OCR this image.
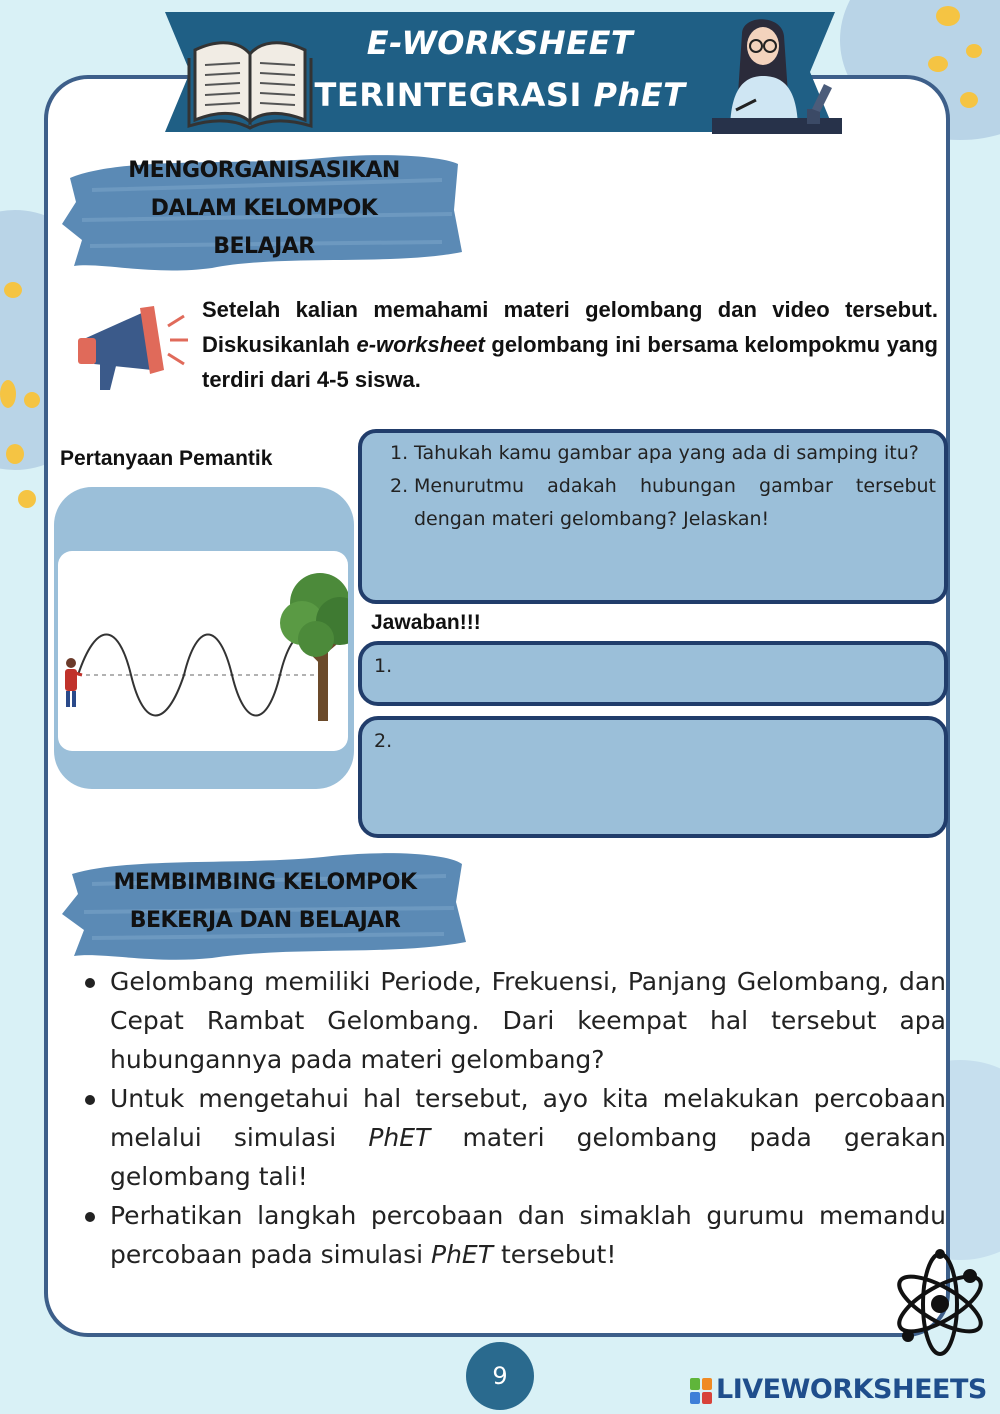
E-WORKSHEET
TERINTEGRASI PhET
MENGORGANISASIKAN
DALAM KELOMPOK
BELAJAR
Setelah kalian memahami materi gelombang dan video tersebut. Diskusikanlah e-worksheet gelombang ini bersama kelompokmu yang terdiri dari 4-5 siswa.
Pertanyaan Pemantik	1. Tahukah kamu gambar apa yang ada di samping itu?
2. Menurutmu adakah hubungan gambar tersebut dengan materi gelombang? Jelaskan!
Jawaban!!!
1.
2.
MEMBIMBING KELOMPOK
BEKERJA DAN BELAJAR
Gelombang memiliki Periode, Frekuensi, Panjang Gelombang, dan Cepat Rambat Gelombang. Dari keempat hal tersebut apa hubungannya pada materi gelombang?
Untuk mengetahui hal tersebut, ayo kita melakukan percobaan melalui simulasi PhET materi gelombang pada gerakan gelombang tali!
Perhatikan langkah percobaan dan simaklah gurumu memandu percobaan pada simulasi PhET tersebut!
9	LIVEWORKSHEETS
